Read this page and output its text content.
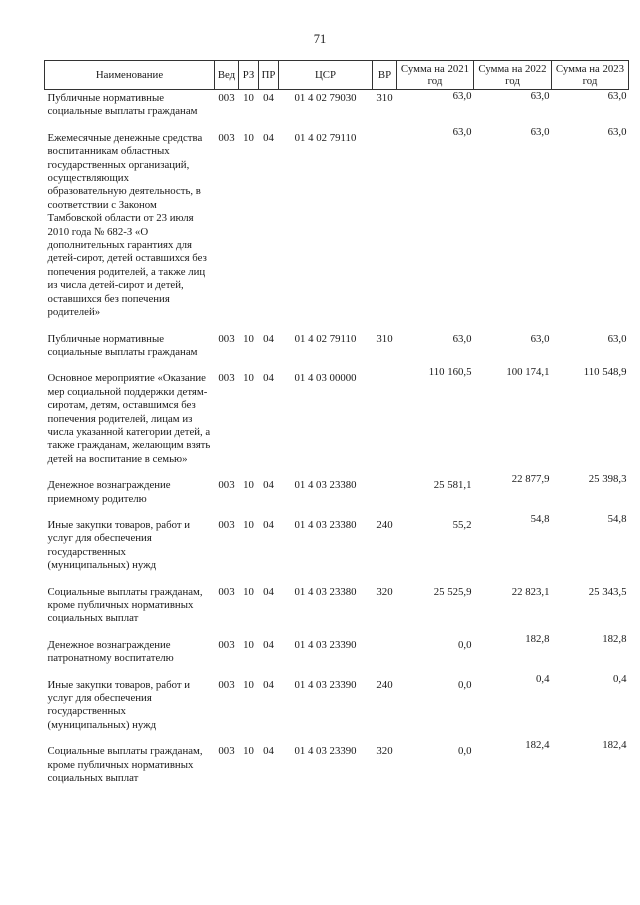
71
Наименование	Вед	РЗ	ПР	ЦСР	ВР	Сумма на 2021 год	Сумма на 2022 год	Сумма на 2023 год
Публичные нормативные социальные выплаты гражданам	003	10	04	01 4 02 79030	310	63,0	63,0	63,0
Ежемесячные денежные средства воспитанникам областных государственных организаций, осуществляющих образовательную деятельность, в соответствии с Законом Тамбовской области от 23 июля 2010 года № 682-З «О дополнительных гарантиях для детей-сирот, детей оставшихся без попечения родителей, а также лиц из числа детей-сирот и детей, оставшихся без попечения родителей»	003	10	04	01 4 02 79110		63,0	63,0	63,0
Публичные нормативные социальные выплаты гражданам	003	10	04	01 4 02 79110	310	63,0	63,0	63,0
Основное мероприятие «Оказание мер социальной поддержки детям-сиротам, детям, оставшимся без попечения родителей, лицам из числа указанной категории детей, а также гражданам, желающим взять детей на воспитание в семью»	003	10	04	01 4 03 00000		110 160,5	100 174,1	110 548,9
Денежное вознаграждение приемному родителю	003	10	04	01 4 03 23380		25 581,1	22 877,9	25 398,3
Иные закупки товаров, работ и услуг для обеспечения государственных (муниципальных) нужд	003	10	04	01 4 03 23380	240	55,2	54,8	54,8
Социальные выплаты гражданам, кроме публичных нормативных социальных выплат	003	10	04	01 4 03 23380	320	25 525,9	22 823,1	25 343,5
Денежное вознаграждение патронатному воспитателю	003	10	04	01 4 03 23390		0,0	182,8	182,8
Иные закупки товаров, работ и услуг для обеспечения государственных (муниципальных) нужд	003	10	04	01 4 03 23390	240	0,0	0,4	0,4
Социальные выплаты гражданам, кроме публичных нормативных социальных выплат	003	10	04	01 4 03 23390	320	0,0	182,4	182,4
